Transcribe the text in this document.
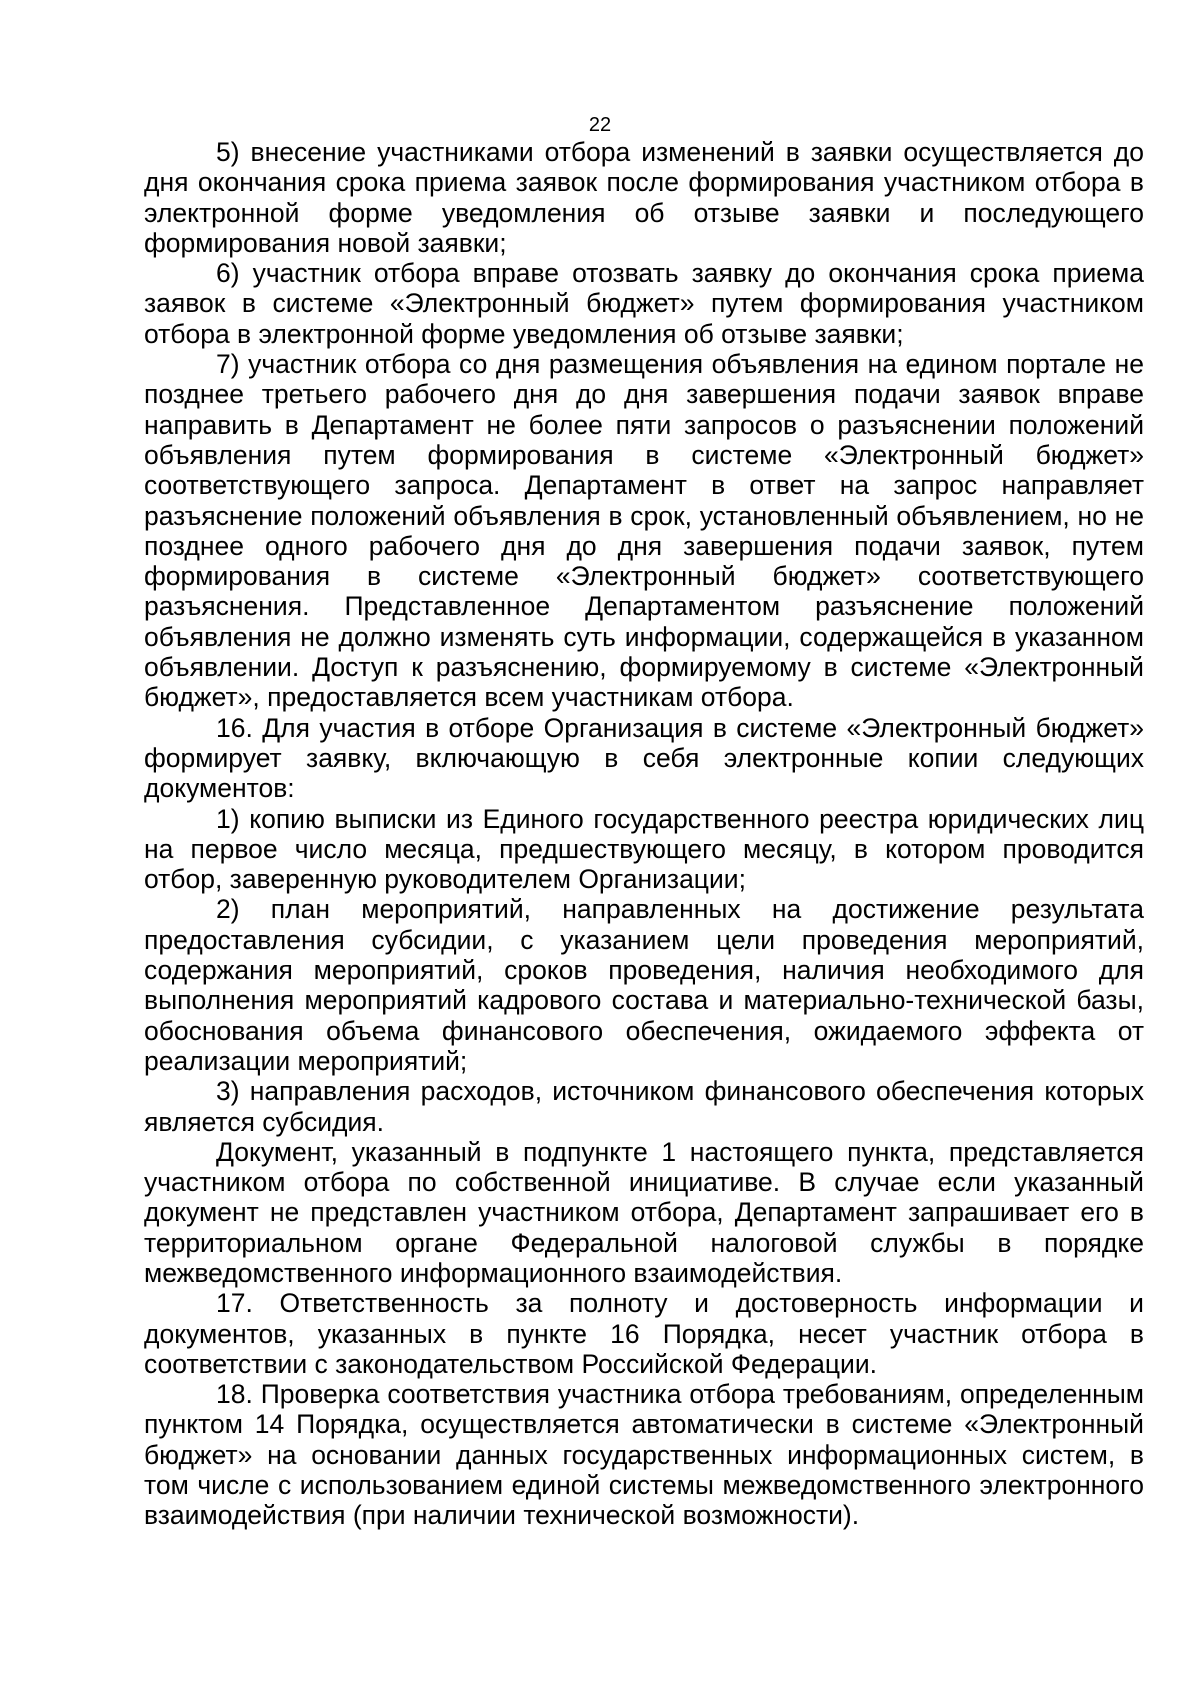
22

5) внесение участниками отбора изменений в заявки осуществляется до дня окончания срока приема заявок после формирования участником отбора в электронной форме уведомления об отзыве заявки и последующего формирования новой заявки;

6) участник отбора вправе отозвать заявку до окончания срока приема заявок в системе «Электронный бюджет» путем формирования участником отбора в электронной форме уведомления об отзыве заявки;

7) участник отбора со дня размещения объявления на едином портале не позднее третьего рабочего дня до дня завершения подачи заявок вправе направить в Департамент не более пяти запросов о разъяснении положений объявления путем формирования в системе «Электронный бюджет» соответствующего запроса. Департамент в ответ на запрос направляет разъяснение положений объявления в срок, установленный объявлением, но не позднее одного рабочего дня до дня завершения подачи заявок, путем формирования в системе «Электронный бюджет» соответствующего разъяснения. Представленное Департаментом разъяснение положений объявления не должно изменять суть информации, содержащейся в указанном объявлении. Доступ к разъяснению, формируемому в системе «Электронный бюджет», предоставляется всем участникам отбора.

16. Для участия в отборе Организация в системе «Электронный бюджет» формирует заявку, включающую в себя электронные копии следующих документов:

1) копию выписки из Единого государственного реестра юридических лиц на первое число месяца, предшествующего месяцу, в котором проводится отбор, заверенную руководителем Организации;

2) план мероприятий, направленных на достижение результата предоставления субсидии, с указанием цели проведения мероприятий, содержания мероприятий, сроков проведения, наличия необходимого для выполнения мероприятий кадрового состава и материально-технической базы, обоснования объема финансового обеспечения, ожидаемого эффекта от реализации мероприятий;

3) направления расходов, источником финансового обеспечения которых является субсидия.

Документ, указанный в подпункте 1 настоящего пункта, представляется участником отбора по собственной инициативе. В случае если указанный документ не представлен участником отбора, Департамент запрашивает его в территориальном органе Федеральной налоговой службы в порядке межведомственного информационного взаимодействия.

17. Ответственность за полноту и достоверность информации и документов, указанных в пункте 16 Порядка, несет участник отбора в соответствии с законодательством Российской Федерации.

18. Проверка соответствия участника отбора требованиям, определенным пунктом 14 Порядка, осуществляется автоматически в системе «Электронный бюджет» на основании данных государственных информационных систем, в том числе с использованием единой системы межведомственного электронного взаимодействия (при наличии технической возможности).
